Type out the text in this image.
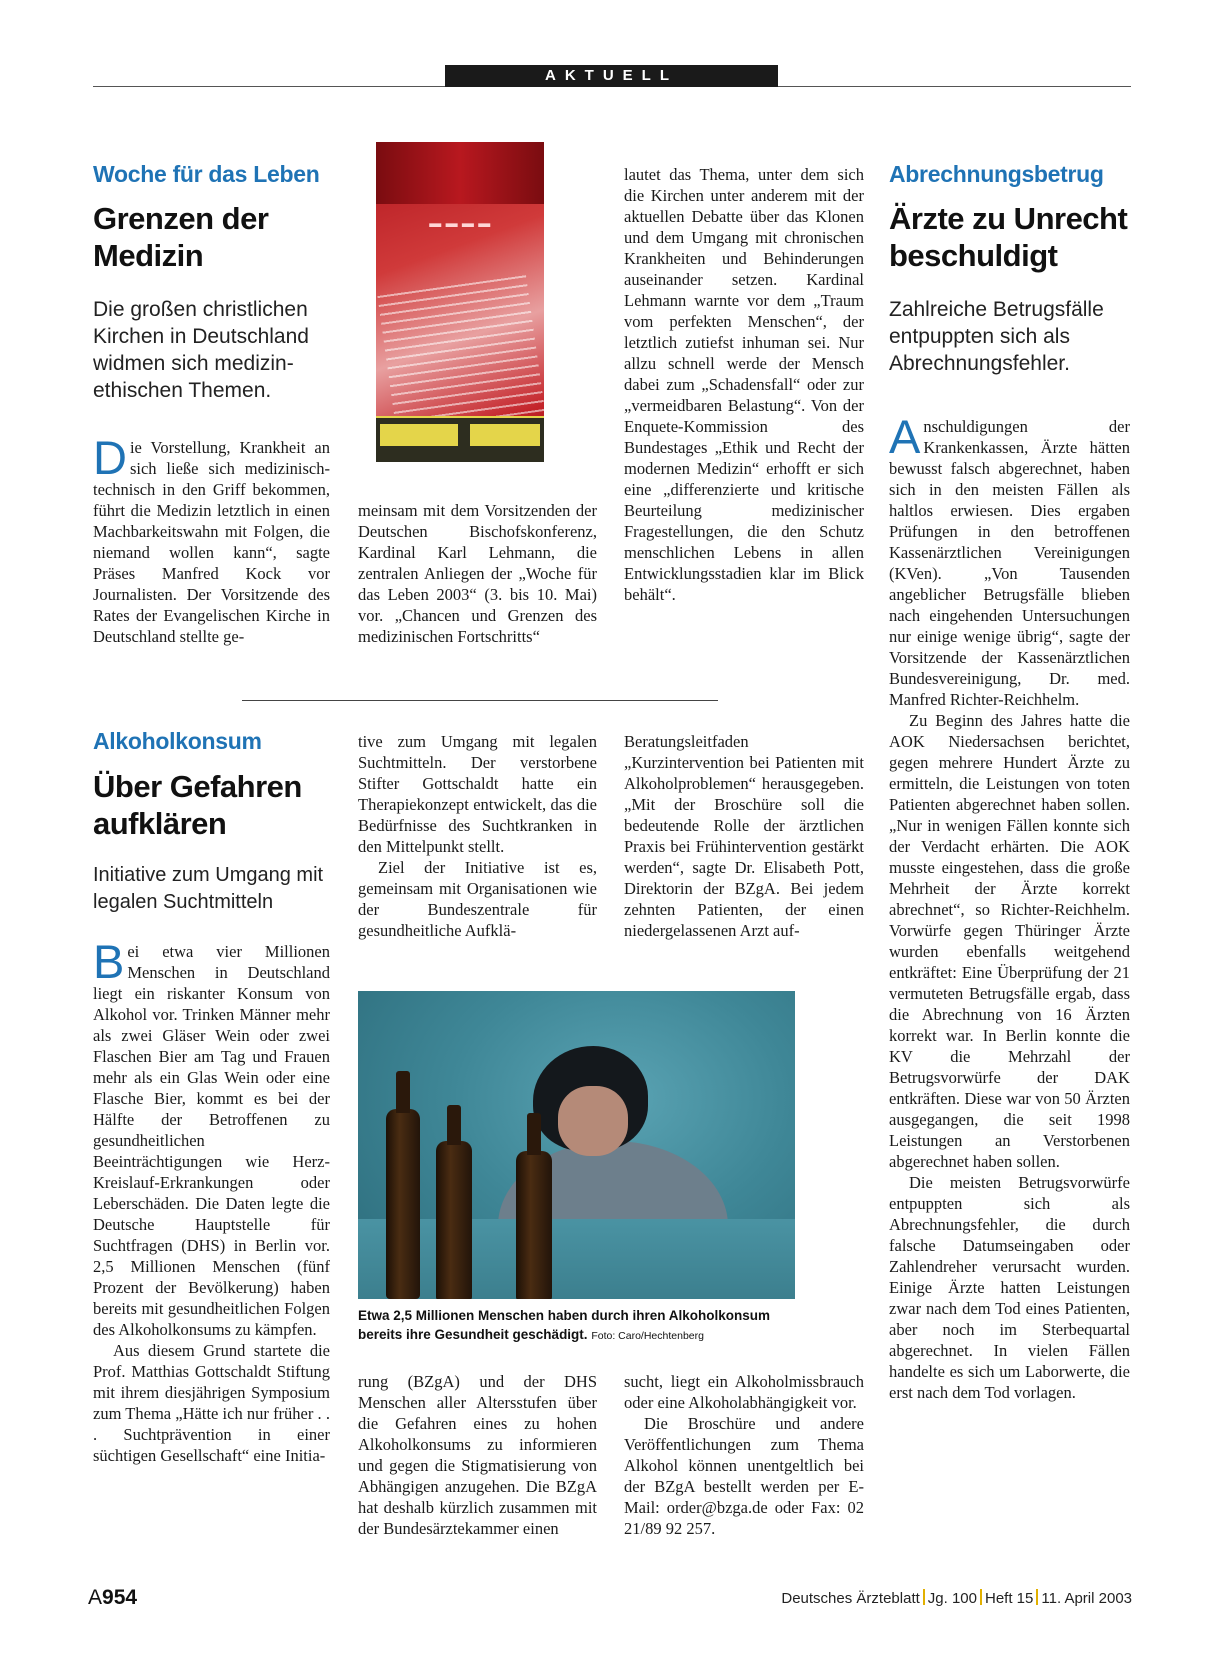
AKTUELL
Woche für das Leben
Grenzen der Medizin
Die großen christlichen Kirchen in Deutschland widmen sich medizin-ethischen Themen.

Die Vorstellung, Krankheit an sich ließe sich medizinisch-technisch in den Griff bekommen, führt die Medizin letztlich in einen Machbarkeitswahn mit Folgen, die niemand wollen kann“, sagte Präses Manfred Kock vor Journalisten. Der Vorsitzende des Rates der Evangelischen Kirche in Deutschland stellte ge-

▬ ▬ ▬ ▬

meinsam mit dem Vorsitzenden der Deutschen Bischofskonferenz, Kardinal Karl Lehmann, die zentralen Anliegen der „Woche für das Leben 2003“ (3. bis 10. Mai) vor. „Chancen und Grenzen des medizinischen Fortschritts“

lautet das Thema, unter dem sich die Kirchen unter anderem mit der aktuellen Debatte über das Klonen und dem Umgang mit chronischen Krankheiten und Behinderungen auseinander setzen. Kardinal Lehmann warnte vor dem „Traum vom perfekten Menschen“, der letztlich zutiefst inhuman sei. Nur allzu schnell werde der Mensch dabei zum „Schadensfall“ oder zur „vermeidbaren Belastung“. Von der Enquete-Kommission des Bundestages „Ethik und Recht der modernen Medizin“ erhofft er sich eine „differenzierte und kritische Beurteilung medizinischer Fragestellungen, die den Schutz menschlichen Lebens in allen Entwicklungsstadien klar im Blick behält“.

Alkoholkonsum
Über Gefahren aufklären
Initiative zum Umgang mit legalen Suchtmitteln

Bei etwa vier Millionen Menschen in Deutschland liegt ein riskanter Konsum von Alkohol vor. Trinken Männer mehr als zwei Gläser Wein oder zwei Flaschen Bier am Tag und Frauen mehr als ein Glas Wein oder eine Flasche Bier, kommt es bei der Hälfte der Betroffenen zu gesundheitlichen Beeinträchtigungen wie Herz-Kreislauf-Erkrankungen oder Leberschäden. Die Daten legte die Deutsche Hauptstelle für Suchtfragen (DHS) in Berlin vor. 2,5 Millionen Menschen (fünf Prozent der Bevölkerung) haben bereits mit gesundheitlichen Folgen des Alkoholkonsums zu kämpfen.

Aus diesem Grund startete die Prof. Matthias Gottschaldt Stiftung mit ihrem diesjährigen Symposium zum Thema „Hätte ich nur früher . . . Suchtprävention in einer süchtigen Gesellschaft“ eine Initia-

tive zum Umgang mit legalen Suchtmitteln. Der verstorbene Stifter Gottschaldt hatte ein Therapiekonzept entwickelt, das die Bedürfnisse des Suchtkranken in den Mittelpunkt stellt.

Ziel der Initiative ist es, gemeinsam mit Organisationen wie der Bundeszentrale für gesundheitliche Aufklä-

Beratungsleitfaden „Kurzintervention bei Patienten mit Alkoholproblemen“ herausgegeben. „Mit der Broschüre soll die bedeutende Rolle der ärztlichen Praxis bei Frühintervention gestärkt werden“, sagte Dr. Elisabeth Pott, Direktorin der BZgA. Bei jedem zehnten Patienten, der einen niedergelassenen Arzt auf-

Etwa 2,5 Millionen Menschen haben durch ihren Alkoholkonsum bereits ihre Gesundheit geschädigt. Foto: Caro/Hechtenberg

rung (BZgA) und der DHS Menschen aller Altersstufen über die Gefahren eines zu hohen Alkoholkonsums zu informieren und gegen die Stigmatisierung von Abhängigen anzugehen. Die BZgA hat deshalb kürzlich zusammen mit der Bundesärztekammer einen

sucht, liegt ein Alkoholmissbrauch oder eine Alkoholabhängigkeit vor.

Die Broschüre und andere Veröffentlichungen zum Thema Alkohol können unentgeltlich bei der BZgA bestellt werden per E-Mail: order@bzga.de oder Fax: 02 21/89 92 257.

Abrechnungsbetrug
Ärzte zu Unrecht beschuldigt
Zahlreiche Betrugsfälle entpuppten sich als Abrechnungsfehler.

Anschuldigungen der Krankenkassen, Ärzte hätten bewusst falsch abgerechnet, haben sich in den meisten Fällen als haltlos erwiesen. Dies ergaben Prüfungen in den betroffenen Kassenärztlichen Vereinigungen (KVen). „Von Tausenden angeblicher Betrugsfälle blieben nach eingehenden Untersuchungen nur einige wenige übrig“, sagte der Vorsitzende der Kassenärztlichen Bundesvereinigung, Dr. med. Manfred Richter-Reichhelm.

Zu Beginn des Jahres hatte die AOK Niedersachsen berichtet, gegen mehrere Hundert Ärzte zu ermitteln, die Leistungen von toten Patienten abgerechnet haben sollen. „Nur in wenigen Fällen konnte sich der Verdacht erhärten. Die AOK musste eingestehen, dass die große Mehrheit der Ärzte korrekt abrechnet“, so Richter-Reichhelm. Vorwürfe gegen Thüringer Ärzte wurden ebenfalls weitgehend entkräftet: Eine Überprüfung der 21 vermuteten Betrugsfälle ergab, dass die Abrechnung von 16 Ärzten korrekt war. In Berlin konnte die KV die Mehrzahl der Betrugsvorwürfe der DAK entkräften. Diese war von 50 Ärzten ausgegangen, die seit 1998 Leistungen an Verstorbenen abgerechnet haben sollen.

Die meisten Betrugsvorwürfe entpuppten sich als Abrechnungsfehler, die durch falsche Datumseingaben oder Zahlendreher verursacht wurden. Einige Ärzte hatten Leistungen zwar nach dem Tod eines Patienten, aber noch im Sterbequartal abgerechnet. In vielen Fällen handelte es sich um Laborwerte, die erst nach dem Tod vorlagen.

A954	Deutsches Ärzteblatt Jg. 100 Heft 15 11. April 2003
